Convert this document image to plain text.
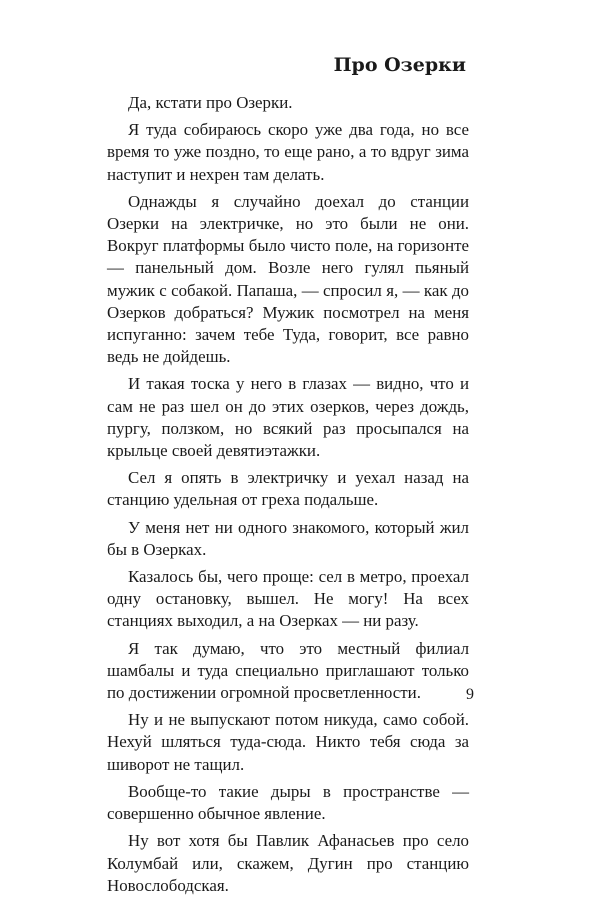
Про Озерки

Да, кстати про Озерки.

Я туда собираюсь скоро уже два года, но все время то уже поздно, то еще рано, а то вдруг зима наступит и нехрен там делать.

Однажды я случайно доехал до станции Озерки на электричке, но это были не они. Вокруг платформы было чисто поле, на горизонте — панельный дом. Возле него гулял пьяный мужик с собакой. Папаша, — спросил я, — как до Озерков добраться? Мужик посмотрел на меня испуганно: зачем тебе Туда, говорит, все равно ведь не дойдешь.

И такая тоска у него в глазах — видно, что и сам не раз шел он до этих озерков, через дождь, пургу, ползком, но всякий раз просыпался на крыльце своей девятиэтажки.

Сел я опять в электричку и уехал назад на станцию удельная от греха подальше.

У меня нет ни одного знакомого, который жил бы в Озерках.

Казалось бы, чего проще: сел в метро, проехал одну остановку, вышел. Не могу! На всех станциях выходил, а на Озерках — ни разу.

Я так думаю, что это местный филиал шамбалы и туда специально приглашают только по достижении огромной просветленности.

Ну и не выпускают потом никуда, само собой. Нехуй шляться туда-сюда. Никто тебя сюда за шиворот не тащил.

Вообще-то такие дыры в пространстве — совершенно обычное явление.

Ну вот хотя бы Павлик Афанасьев про село Колумбай или, скажем, Дугин про станцию Новослободская.

9
